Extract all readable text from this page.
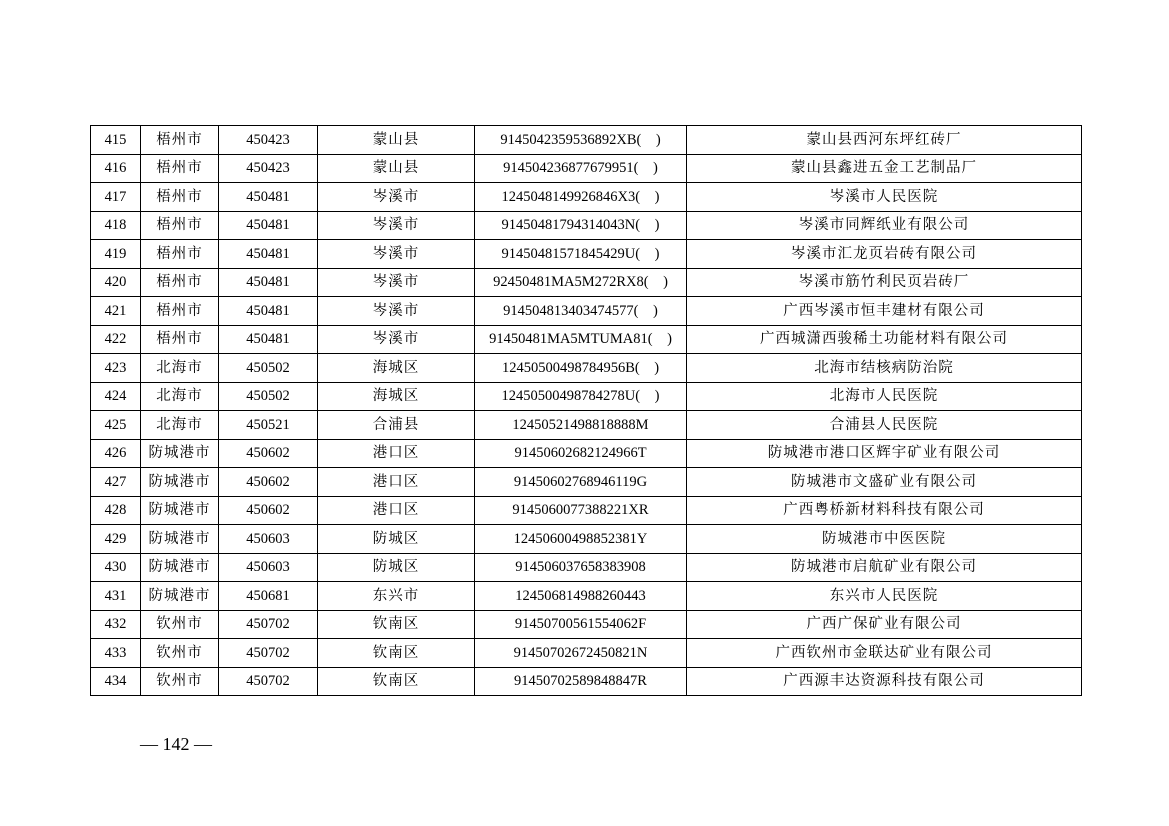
415	梧州市	450423	蒙山县	9145042359536892XB(　)	蒙山县西河东坪红砖厂
416	梧州市	450423	蒙山县	914504236877679951(　)	蒙山县鑫进五金工艺制品厂
417	梧州市	450481	岑溪市	1245048149926846X3(　)	岑溪市人民医院
418	梧州市	450481	岑溪市	91450481794314043N(　)	岑溪市同辉纸业有限公司
419	梧州市	450481	岑溪市	91450481571845429U(　)	岑溪市汇龙页岩砖有限公司
420	梧州市	450481	岑溪市	92450481MA5M272RX8(　)	岑溪市筋竹利民页岩砖厂
421	梧州市	450481	岑溪市	914504813403474577(　)	广西岑溪市恒丰建材有限公司
422	梧州市	450481	岑溪市	91450481MA5MTUMA81(　)	广西城潇西骏稀土功能材料有限公司
423	北海市	450502	海城区	12450500498784956B(　)	北海市结核病防治院
424	北海市	450502	海城区	12450500498784278U(　)	北海市人民医院
425	北海市	450521	合浦县	12450521498818888M	合浦县人民医院
426	防城港市	450602	港口区	91450602682124966T	防城港市港口区辉宇矿业有限公司
427	防城港市	450602	港口区	91450602768946119G	防城港市文盛矿业有限公司
428	防城港市	450602	港口区	9145060077388221XR	广西粤桥新材料科技有限公司
429	防城港市	450603	防城区	12450600498852381Y	防城港市中医医院
430	防城港市	450603	防城区	914506037658383908	防城港市启航矿业有限公司
431	防城港市	450681	东兴市	124506814988260443	东兴市人民医院
432	钦州市	450702	钦南区	91450700561554062F	广西广保矿业有限公司
433	钦州市	450702	钦南区	91450702672450821N	广西钦州市金联达矿业有限公司
434	钦州市	450702	钦南区	91450702589848847R	广西源丰达资源科技有限公司
— 142 —
